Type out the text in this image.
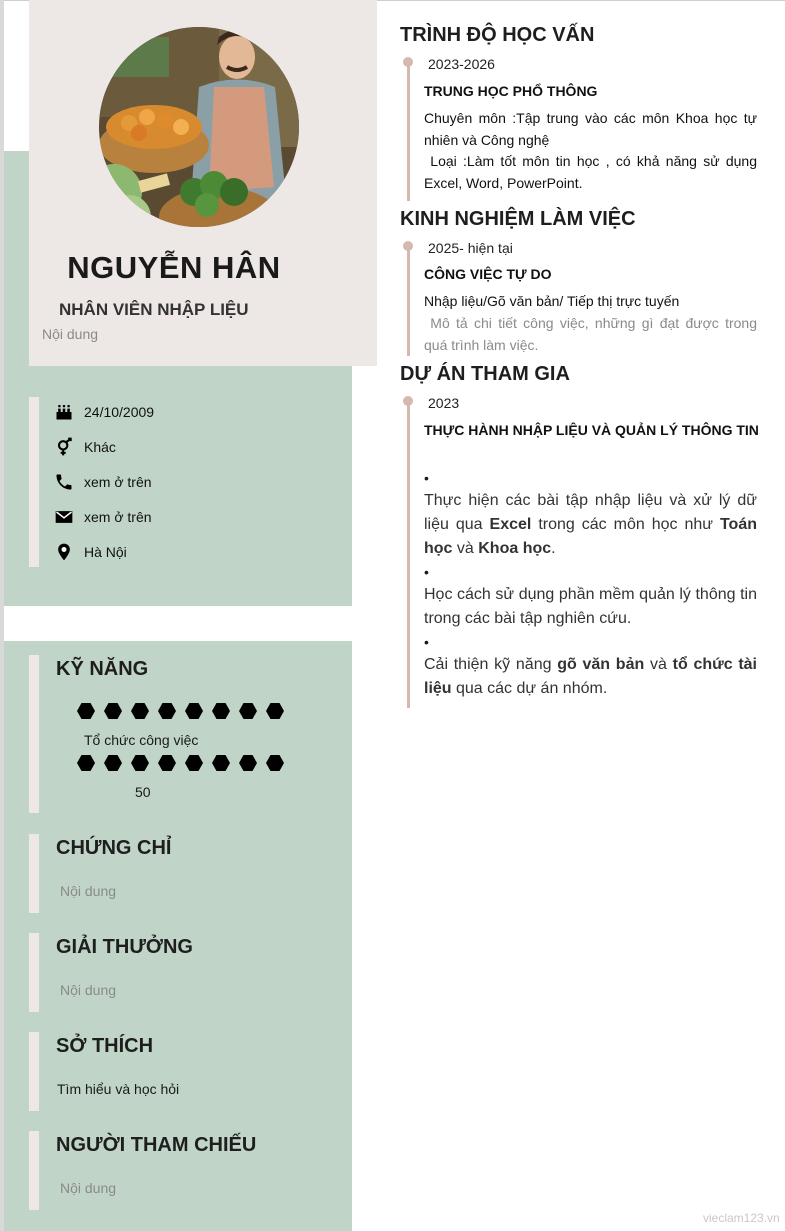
NGUYỄN HÂN
NHÂN VIÊN NHẬP LIỆU
Nội dung
24/10/2009
Khác
xem ở trên
xem ở trên
Hà Nội
KỸ NĂNG
Tổ chức công việc
50
CHỨNG CHỈ
Nội dung
GIẢI THƯỞNG
Nội dung
SỞ THÍCH
Tìm hiểu và học hỏi
NGƯỜI THAM CHIẾU
Nội dung
TRÌNH ĐỘ HỌC VẤN
2023-2026
TRUNG HỌC PHỔ THÔNG
Chuyên môn :Tập trung vào các môn Khoa học tự nhiên và Công nghệ
Loại :Làm tốt môn tin học , có khả năng sử dụng Excel, Word, PowerPoint.
KINH NGHIỆM LÀM VIỆC
2025- hiện tại
CÔNG VIỆC TỰ DO
Nhập liệu/Gõ văn bản/ Tiếp thị trực tuyến
Mô tả chi tiết công việc, những gì đạt được trong quá trình làm việc.
DỰ ÁN THAM GIA
2023
THỰC HÀNH NHẬP LIỆU VÀ QUẢN LÝ THÔNG TIN
•
Thực hiện các bài tập nhập liệu và xử lý dữ liệu qua Excel trong các môn học như Toán học và Khoa học.
•
Học cách sử dụng phần mềm quản lý thông tin trong các bài tập nghiên cứu.
•
Cải thiện kỹ năng gõ văn bản và tổ chức tài liệu qua các dự án nhóm.
vieclam123.vn
